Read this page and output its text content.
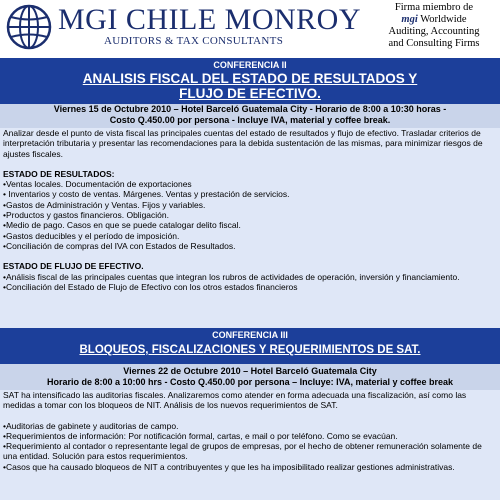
MGI CHILE MONROY
AUDITORS & TAX CONSULTANTS
Firma miembro de
mgi Worldwide
Auditing, Accounting
and Consulting Firms
CONFERENCIA II
ANALISIS FISCAL DEL ESTADO DE RESULTADOS Y
FLUJO DE EFECTIVO.
Viernes 15 de Octubre 2010 – Hotel Barceló Guatemala City - Horario de 8:00 a 10:30 horas -
Costo Q.450.00 por persona - Incluye IVA, material y coffee break.

Analizar desde el punto de vista fiscal las principales cuentas del estado de resultados y flujo de efectivo. Trasladar criterios de interpretación tributaria y presentar las recomendaciones para la debida sustentación de las mismas, para minimizar riesgos de ajustes fiscales.

ESTADO DE RESULTADOS:
•Ventas locales. Documentación de exportaciones
• Inventarios y costo de ventas. Márgenes. Ventas y prestación de servicios.
•Gastos de Administración y Ventas. Fijos y variables.
•Productos y gastos financieros. Obligación.
•Medio de pago. Casos en que se puede catalogar delito fiscal.
•Gastos deducibles y el período de imposición.
•Conciliación de compras del IVA con Estados de Resultados.
ESTADO DE FLUJO DE EFECTIVO.
•Análisis fiscal de las principales cuentas que integran los rubros de actividades de operación, inversión y financiamiento.
•Conciliación del Estado de Flujo de Efectivo con los otros estados financieros
CONFERENCIA III
BLOQUEOS, FISCALIZACIONES Y REQUERIMIENTOS DE SAT.
Viernes 22 de Octubre 2010 – Hotel Barceló Guatemala City
Horario de 8:00 a 10:00 hrs - Costo Q.450.00 por persona – Incluye: IVA, material y coffee break

SAT ha intensificado las auditorias fiscales. Analizaremos como atender en forma adecuada una fiscalización, así como las medidas a tomar con los bloqueos de NIT. Análisis de los nuevos requerimientos de SAT.

•Auditorias de gabinete y auditorias de campo.
•Requerimientos de información: Por notificación formal, cartas, e mail o por teléfono. Como se evacúan.
•Requerimiento al contador o representante legal de grupos de empresas, por el hecho de obtener remuneración solamente de una entidad. Solución para estos requerimientos.
•Casos que ha causado bloqueos de NIT a contribuyentes y que les ha imposibilitado realizar gestiones administrativas.
